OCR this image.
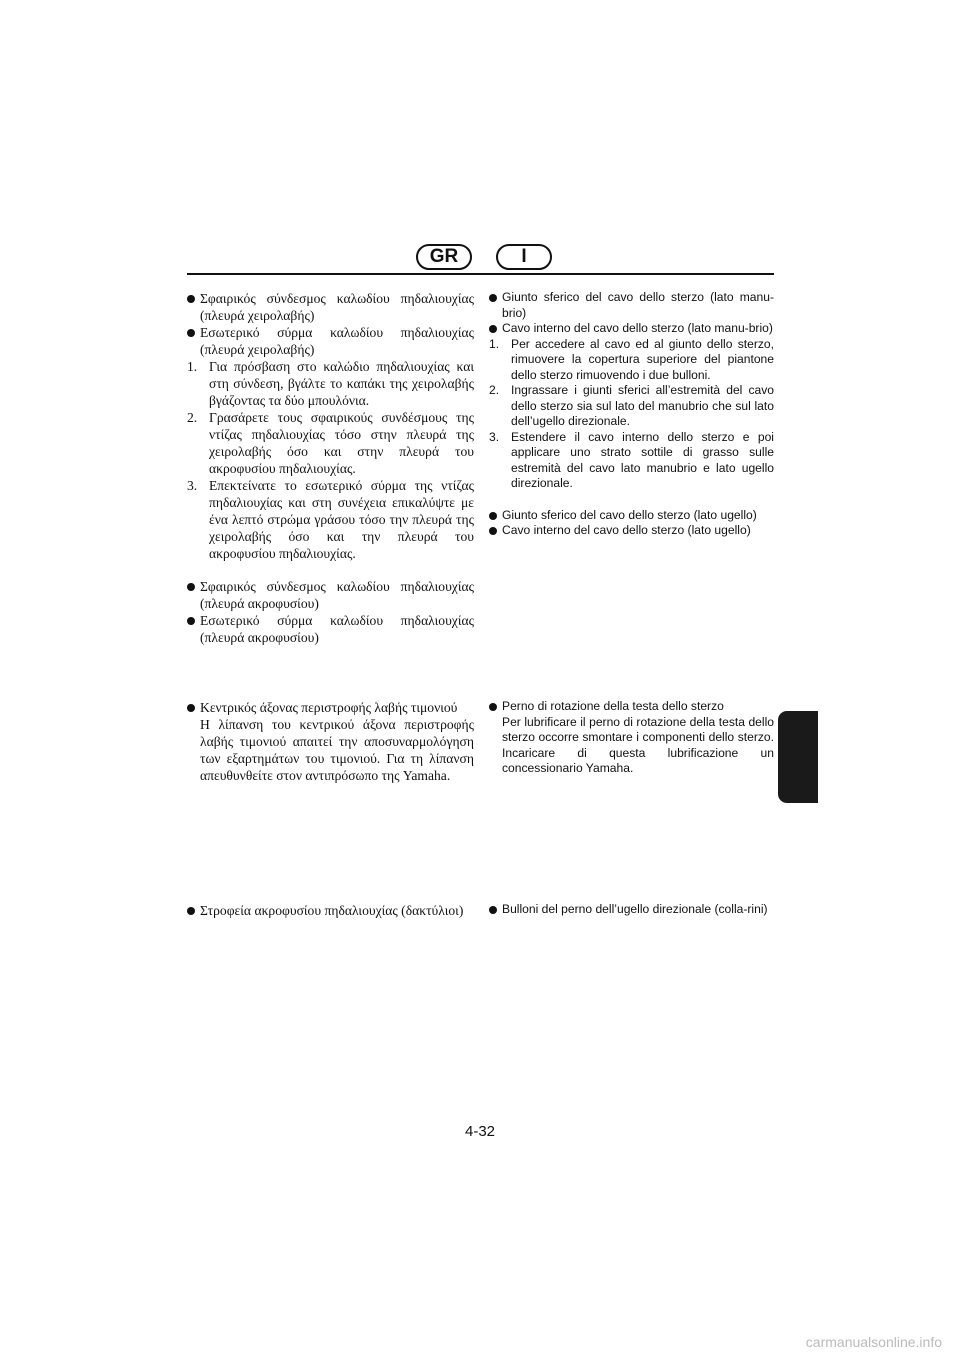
GR	I
Σφαιρικός σύνδεσμος καλωδίου πηδαλιουχίας (πλευρά χειρολαβής)
Εσωτερικό σύρμα καλωδίου πηδαλιουχίας (πλευρά χειρολαβής)
1. Για πρόσβαση στο καλώδιο πηδαλιουχίας και στη σύνδεση, βγάλτε το καπάκι της χειρολαβής βγάζοντας τα δύο μπουλόνια.
2. Γρασάρετε τους σφαιρικούς συνδέσμους της ντίζας πηδαλιουχίας τόσο στην πλευρά της χειρολαβής όσο και στην πλευρά του ακροφυσίου πηδαλιουχίας.
3. Επεκτείνατε το εσωτερικό σύρμα της ντίζας πηδαλιουχίας και στη συνέχεια επικαλύψτε με ένα λεπτό στρώμα γράσου τόσο την πλευρά της χειρολαβής όσο και την πλευρά του ακροφυσίου πηδαλιουχίας.
Σφαιρικός σύνδεσμος καλωδίου πηδαλιουχίας (πλευρά ακροφυσίου)
Εσωτερικό σύρμα καλωδίου πηδαλιουχίας (πλευρά ακροφυσίου)
Giunto sferico del cavo dello sterzo (lato manu-brio)
Cavo interno del cavo dello sterzo (lato manu-brio)
1. Per accedere al cavo ed al giunto dello sterzo, rimuovere la copertura superiore del piantone dello sterzo rimuovendo i due bulloni.
2. Ingrassare i giunti sferici all’estremità del cavo dello sterzo sia sul lato del manubrio che sul lato dell’ugello direzionale.
3. Estendere il cavo interno dello sterzo e poi applicare uno strato sottile di grasso sulle estremità del cavo lato manubrio e lato ugello direzionale.
Giunto sferico del cavo dello sterzo (lato ugello)
Cavo interno del cavo dello sterzo (lato ugello)
Κεντρικός άξονας περιστροφής λαβής τιμονιού
Η λίπανση του κεντρικού άξονα περιστροφής λαβής τιμονιού απαιτεί την αποσυναρμολόγηση των εξαρτημάτων του τιμονιού. Για τη λίπανση απευθυνθείτε στον αντιπρόσωπο της Yamaha.
Perno di rotazione della testa dello sterzo
Per lubrificare il perno di rotazione della testa dello sterzo occorre smontare i componenti dello sterzo. Incaricare di questa lubrificazione un concessionario Yamaha.
Στροφεία ακροφυσίου πηδαλιουχίας (δακτύλιοι)	Bulloni del perno dell’ugello direzionale (colla-rini)
4-32
carmanualsonline.info
